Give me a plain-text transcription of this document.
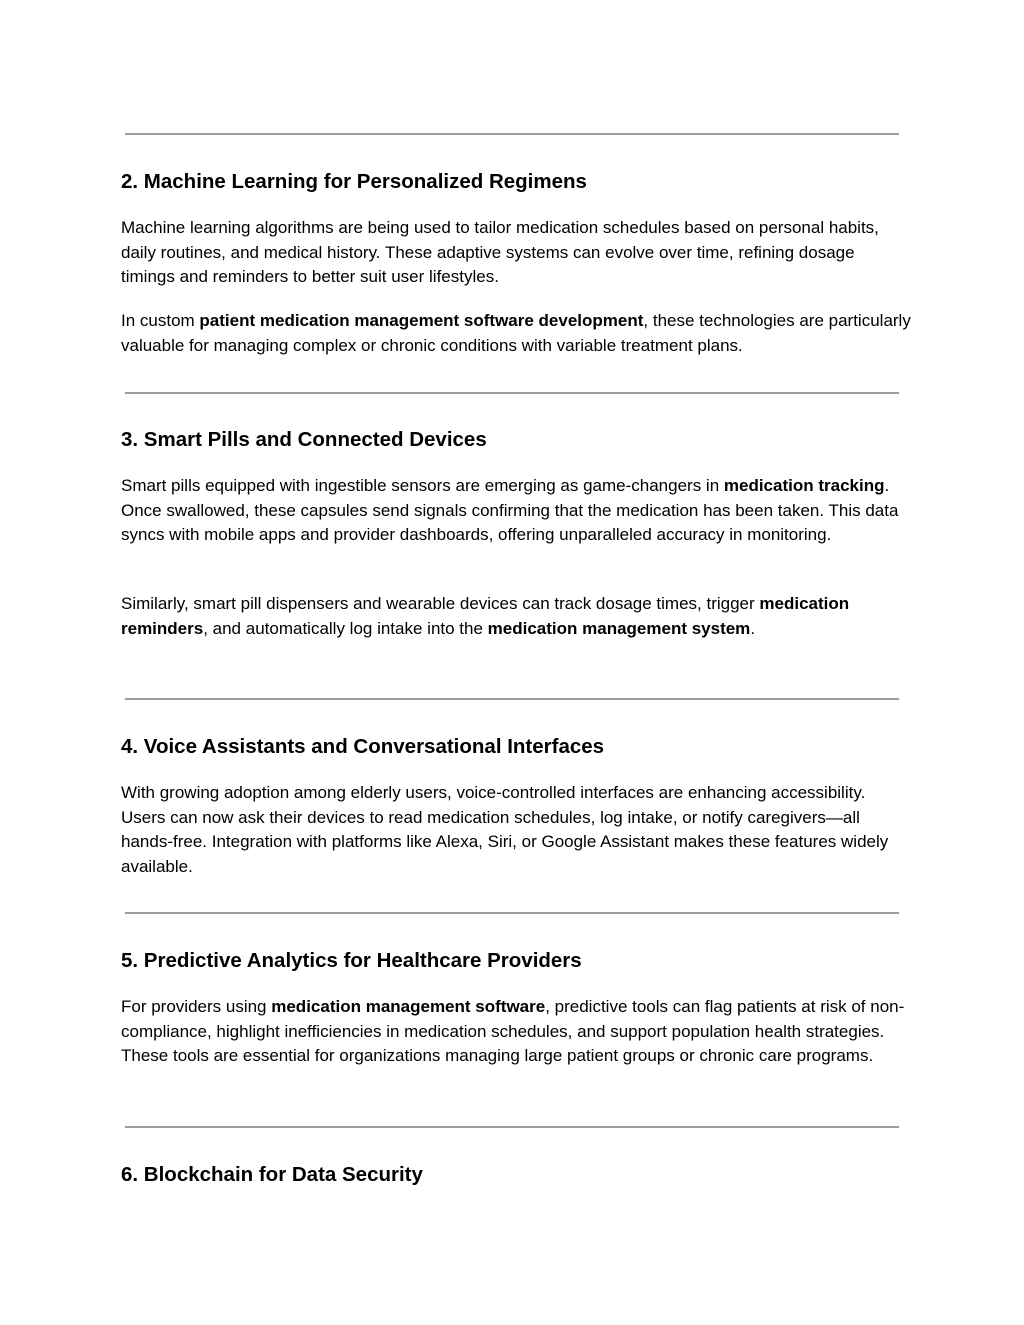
2. Machine Learning for Personalized Regimens

Machine learning algorithms are being used to tailor medication schedules based on personal habits, daily routines, and medical history. These adaptive systems can evolve over time, refining dosage timings and reminders to better suit user lifestyles.

In custom patient medication management software development, these technologies are particularly valuable for managing complex or chronic conditions with variable treatment plans.

3. Smart Pills and Connected Devices

Smart pills equipped with ingestible sensors are emerging as game-changers in medication tracking. Once swallowed, these capsules send signals confirming that the medication has been taken. This data syncs with mobile apps and provider dashboards, offering unparalleled accuracy in monitoring.

Similarly, smart pill dispensers and wearable devices can track dosage times, trigger medication reminders, and automatically log intake into the medication management system.

4. Voice Assistants and Conversational Interfaces

With growing adoption among elderly users, voice-controlled interfaces are enhancing accessibility. Users can now ask their devices to read medication schedules, log intake, or notify caregivers—all hands-free. Integration with platforms like Alexa, Siri, or Google Assistant makes these features widely available.

5. Predictive Analytics for Healthcare Providers

For providers using medication management software, predictive tools can flag patients at risk of non-compliance, highlight inefficiencies in medication schedules, and support population health strategies. These tools are essential for organizations managing large patient groups or chronic care programs.

6. Blockchain for Data Security
